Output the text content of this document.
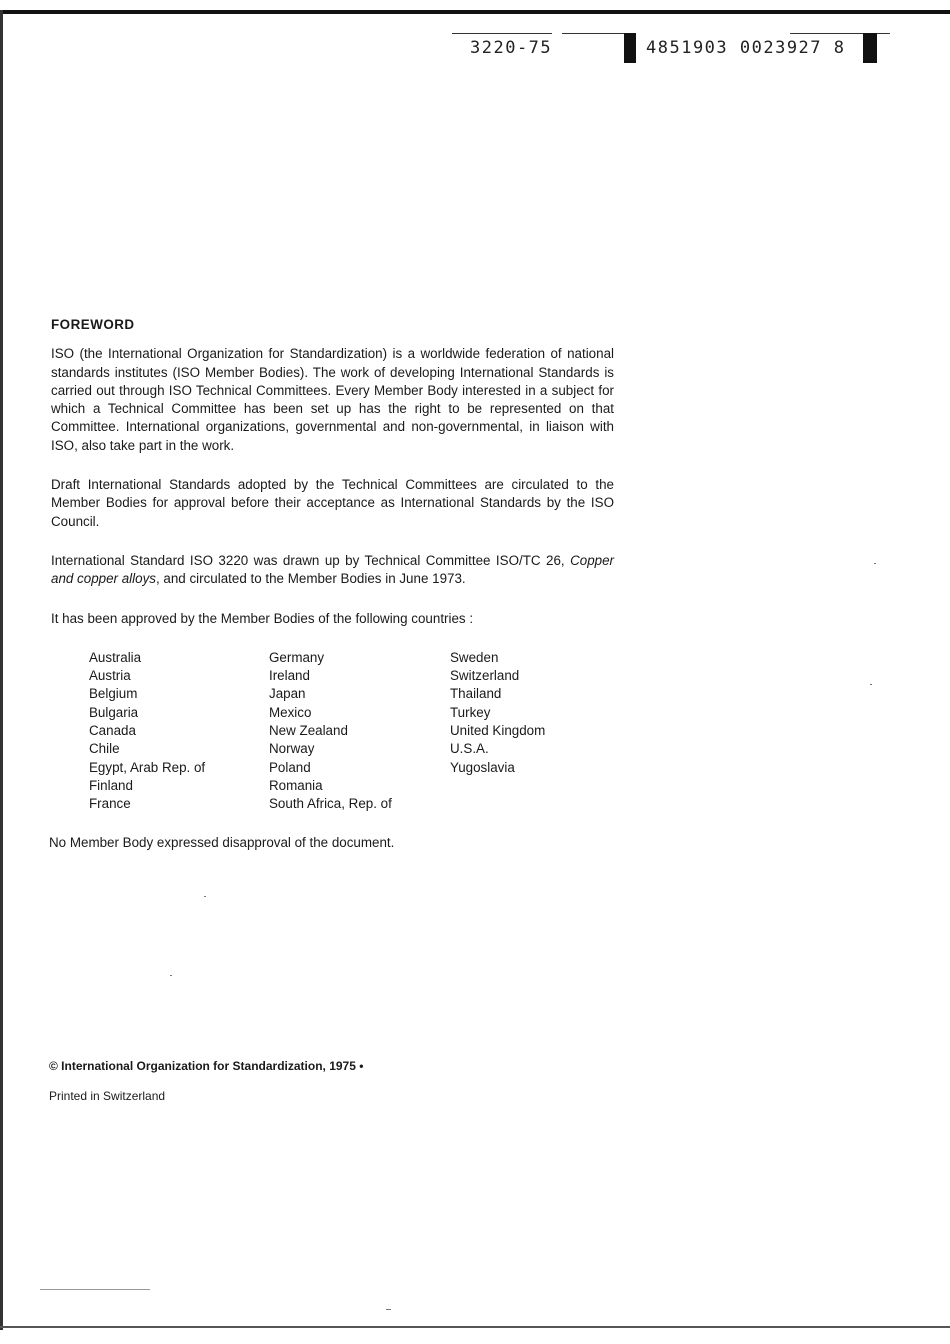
3220-75	4851903 0023927 8
FOREWORD

ISO (the International Organization for Standardization) is a worldwide federation of national standards institutes (ISO Member Bodies). The work of developing International Standards is carried out through ISO Technical Committees. Every Member Body interested in a subject for which a Technical Committee has been set up has the right to be represented on that Committee. International organizations, governmental and non-governmental, in liaison with ISO, also take part in the work.

Draft International Standards adopted by the Technical Committees are circulated to the Member Bodies for approval before their acceptance as International Standards by the ISO Council.

International Standard ISO 3220 was drawn up by Technical Committee ISO/TC 26, Copper and copper alloys, and circulated to the Member Bodies in June 1973.

It has been approved by the Member Bodies of the following countries :

Australia
Austria
Belgium
Bulgaria
Canada
Chile
Egypt, Arab Rep. of
Finland
France
Germany
Ireland
Japan
Mexico
New Zealand
Norway
Poland
Romania
South Africa, Rep. of
Sweden
Switzerland
Thailand
Turkey
United Kingdom
U.S.A.
Yugoslavia

No Member Body expressed disapproval of the document.

© International Organization for Standardization, 1975 •
Printed in Switzerland
